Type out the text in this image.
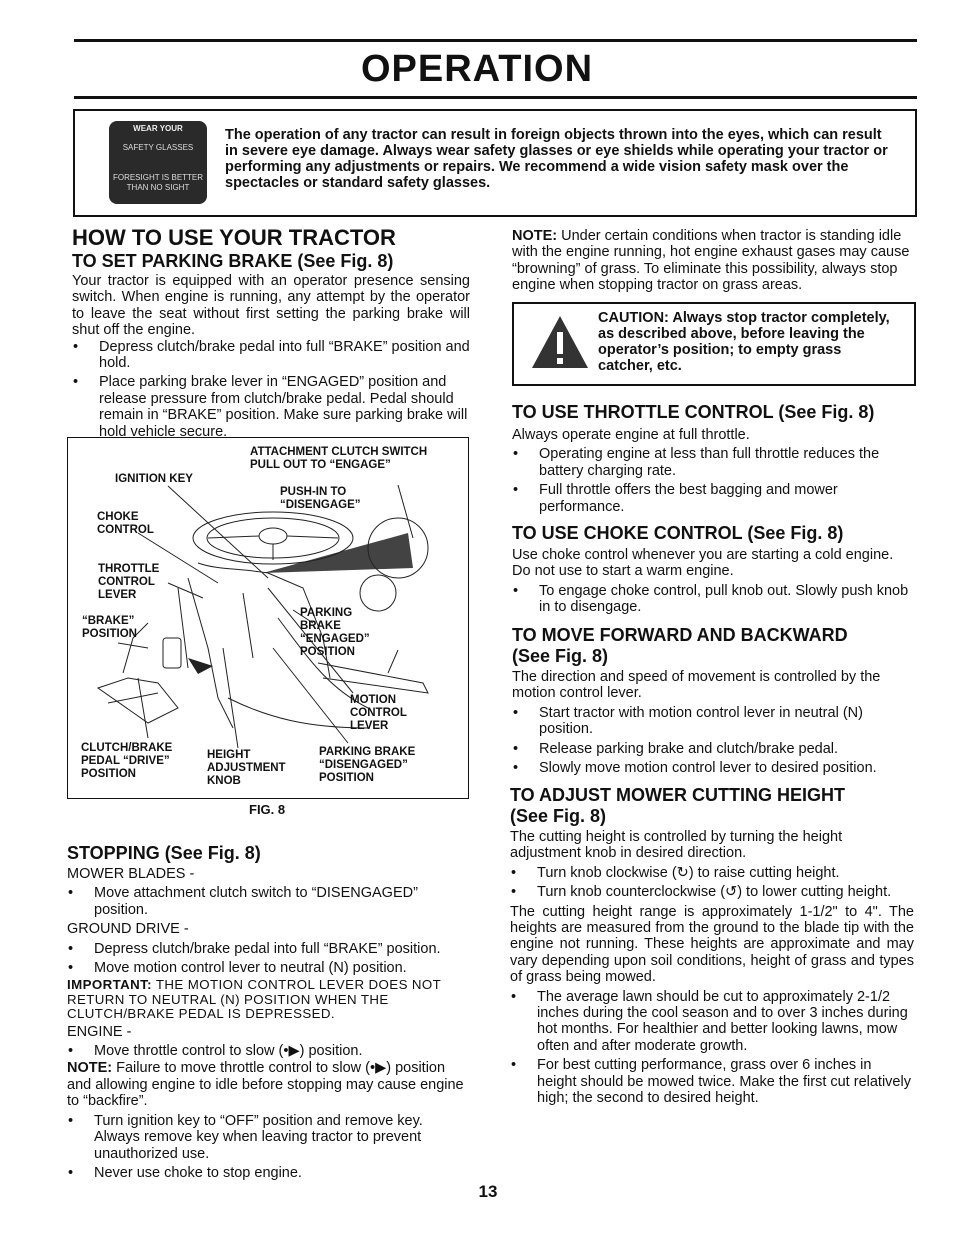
OPERATION
WEAR YOUR
SAFETY GLASSES
FORESIGHT IS BETTER
THAN NO SIGHT
The operation of any tractor can result in foreign objects thrown into the eyes, which can result in severe eye damage. Always wear safety glasses or eye shields while operating your tractor or performing any adjustments or repairs. We recommend a wide vision safety mask over the spectacles or standard safety glasses.
HOW TO USE YOUR TRACTOR
TO SET PARKING BRAKE (See Fig. 8)
Your tractor is equipped with an operator presence sensing switch. When engine is running, any attempt by the operator to leave the seat without first setting the parking brake will shut off the engine.
• Depress clutch/brake pedal into full “BRAKE” position and hold.
• Place parking brake lever in “ENGAGED” position and release pressure from clutch/brake pedal. Pedal should remain in “BRAKE” position. Make sure parking brake will hold vehicle secure.
ATTACHMENT CLUTCH SWITCH
PULL OUT TO “ENGAGE”
IGNITION KEY
PUSH-IN TO
“DISENGAGE”
CHOKE
CONTROL
THROTTLE
CONTROL
LEVER
“BRAKE”
POSITION
PARKING
BRAKE
“ENGAGED”
POSITION
MOTION
CONTROL
LEVER
CLUTCH/BRAKE
PEDAL “DRIVE”
POSITION
HEIGHT
ADJUSTMENT
KNOB
PARKING BRAKE
“DISENGAGED”
POSITION
FIG. 8
STOPPING (See Fig. 8)
MOWER BLADES -
• Move attachment clutch switch to “DISENGAGED” position.
GROUND DRIVE -
• Depress clutch/brake pedal into full “BRAKE” position.
• Move motion control lever to neutral (N) position.
IMPORTANT: THE MOTION CONTROL LEVER DOES NOT RETURN TO NEUTRAL (N) POSITION WHEN THE CLUTCH/BRAKE PEDAL IS DEPRESSED.
ENGINE -
• Move throttle control to slow (•▶) position.
NOTE: Failure to move throttle control to slow (•▶) position and allowing engine to idle before stopping may cause engine to “backfire”.
• Turn ignition key to “OFF” position and remove key. Always remove key when leaving tractor to prevent unauthorized use.
• Never use choke to stop engine.
NOTE: Under certain conditions when tractor is standing idle with the engine running, hot engine exhaust gases may cause “browning” of grass. To eliminate this possibility, always stop engine when stopping tractor on grass areas.
CAUTION: Always stop tractor completely, as described above, before leaving the operator’s position; to empty grass catcher, etc.
TO USE THROTTLE CONTROL (See Fig. 8)
Always operate engine at full throttle.
• Operating engine at less than full throttle reduces the battery charging rate.
• Full throttle offers the best bagging and mower performance.
TO USE CHOKE CONTROL (See Fig. 8)
Use choke control whenever you are starting a cold engine. Do not use to start a warm engine.
• To engage choke control, pull knob out. Slowly push knob in to disengage.
TO MOVE FORWARD AND BACKWARD
(See Fig. 8)
The direction and speed of movement is controlled by the motion control lever.
• Start tractor with motion control lever in neutral (N) position.
• Release parking brake and clutch/brake pedal.
• Slowly move motion control lever to desired position.
TO ADJUST MOWER CUTTING HEIGHT
(See Fig. 8)
The cutting height is controlled by turning the height adjustment knob in desired direction.
• Turn knob clockwise (↻) to raise cutting height.
• Turn knob counterclockwise (↺) to lower cutting height.
The cutting height range is approximately 1-1/2" to 4". The heights are measured from the ground to the blade tip with the engine not running. These heights are approximate and may vary depending upon soil conditions, height of grass and types of grass being mowed.
• The average lawn should be cut to approximately 2-1/2 inches during the cool season and to over 3 inches during hot months. For healthier and better looking lawns, mow often and after moderate growth.
• For best cutting performance, grass over 6 inches in height should be mowed twice. Make the first cut relatively high; the second to desired height.
13
